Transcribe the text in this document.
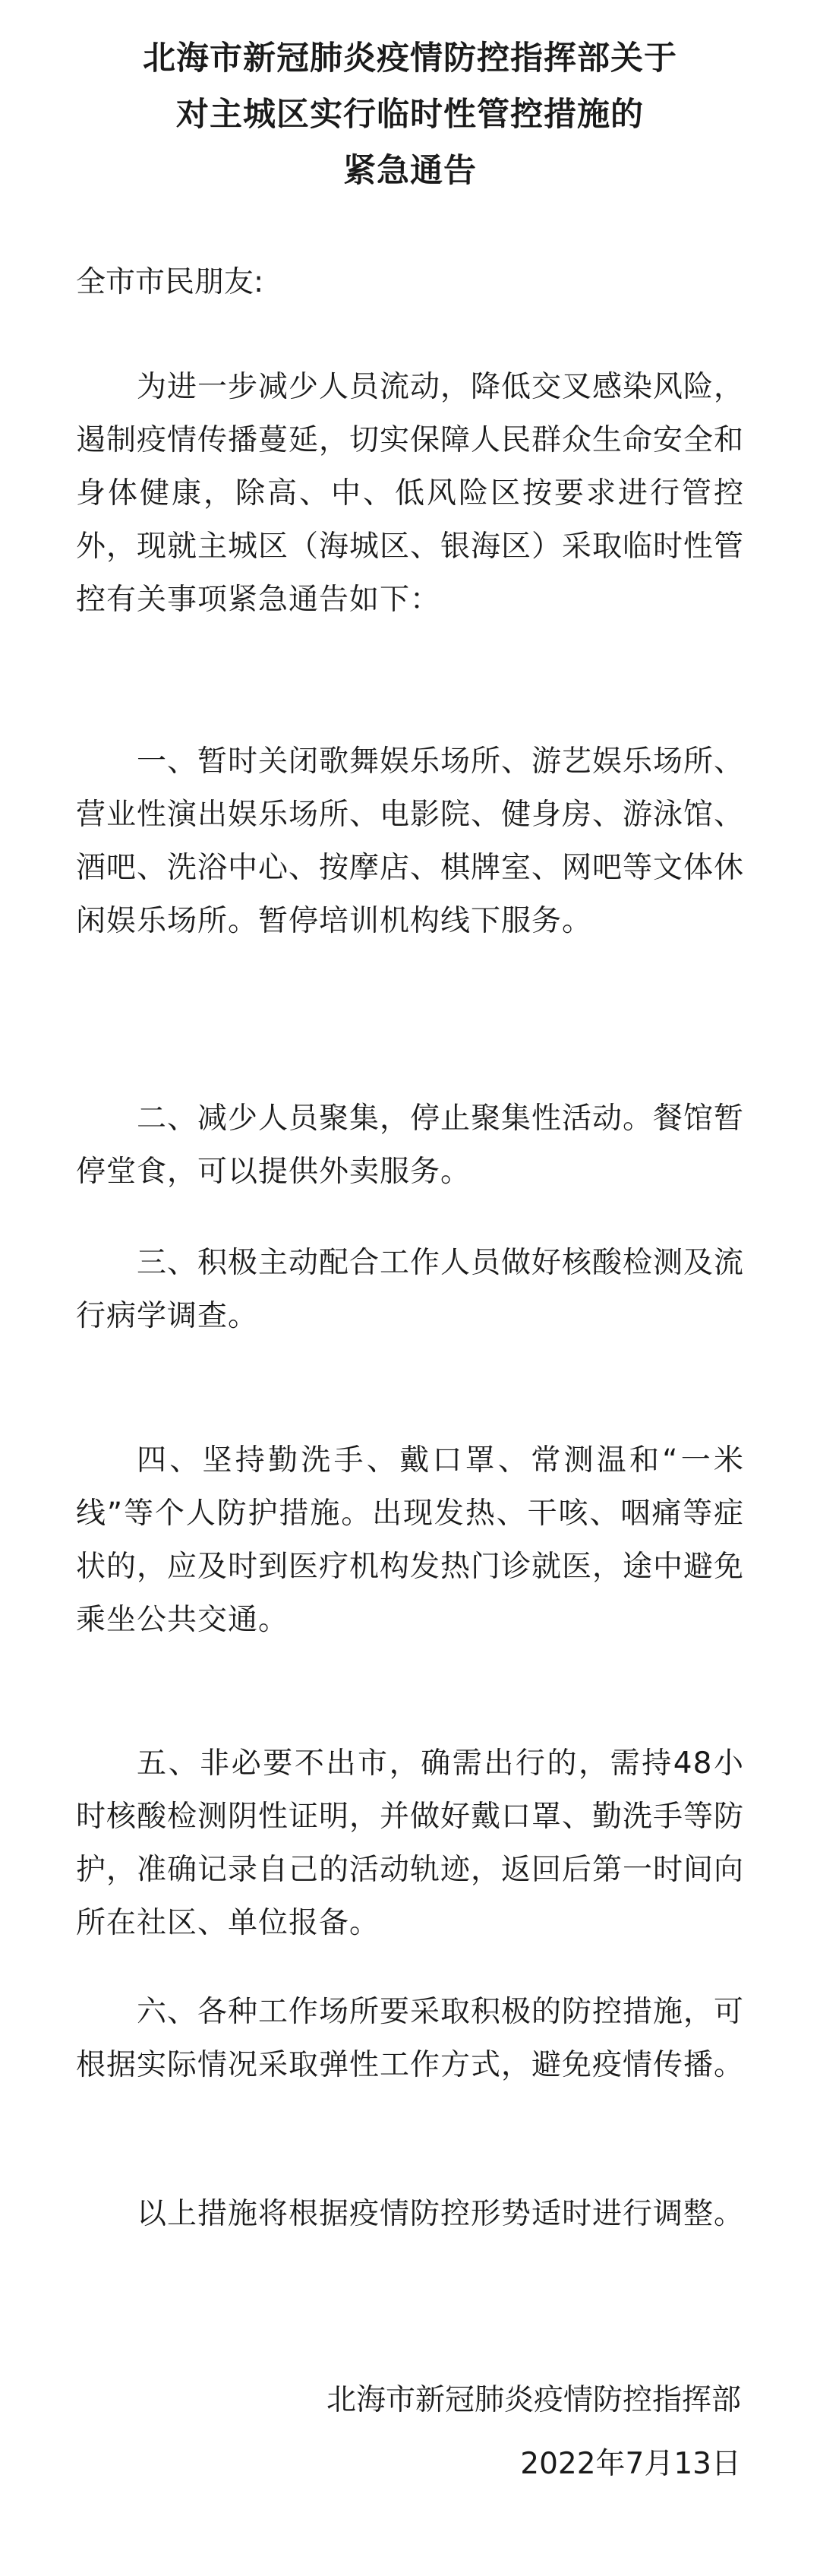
北海市新冠肺炎疫情防控指挥部关于
对主城区实行临时性管控措施的
紧急通告
全市市民朋友:
为进一步减少人员流动，降低交叉感染风险，遏制疫情传播蔓延，切实保障人民群众生命安全和身体健康，除高、中、低风险区按要求进行管控外，现就主城区（海城区、银海区）采取临时性管控有关事项紧急通告如下：
一、暂时关闭歌舞娱乐场所、游艺娱乐场所、营业性演出娱乐场所、电影院、健身房、游泳馆、酒吧、洗浴中心、按摩店、棋牌室、网吧等文体休闲娱乐场所。暂停培训机构线下服务。
二、减少人员聚集，停止聚集性活动。餐馆暂停堂食，可以提供外卖服务。
三、积极主动配合工作人员做好核酸检测及流行病学调查。
四、坚持勤洗手、戴口罩、常测温和“一米线”等个人防护措施。出现发热、干咳、咽痛等症状的，应及时到医疗机构发热门诊就医，途中避免乘坐公共交通。
五、非必要不出市，确需出行的，需持48小时核酸检测阴性证明，并做好戴口罩、勤洗手等防护，准确记录自己的活动轨迹，返回后第一时间向所在社区、单位报备。
六、各种工作场所要采取积极的防控措施，可根据实际情况采取弹性工作方式，避免疫情传播。
以上措施将根据疫情防控形势适时进行调整。
北海市新冠肺炎疫情防控指挥部
2022年7月13日
